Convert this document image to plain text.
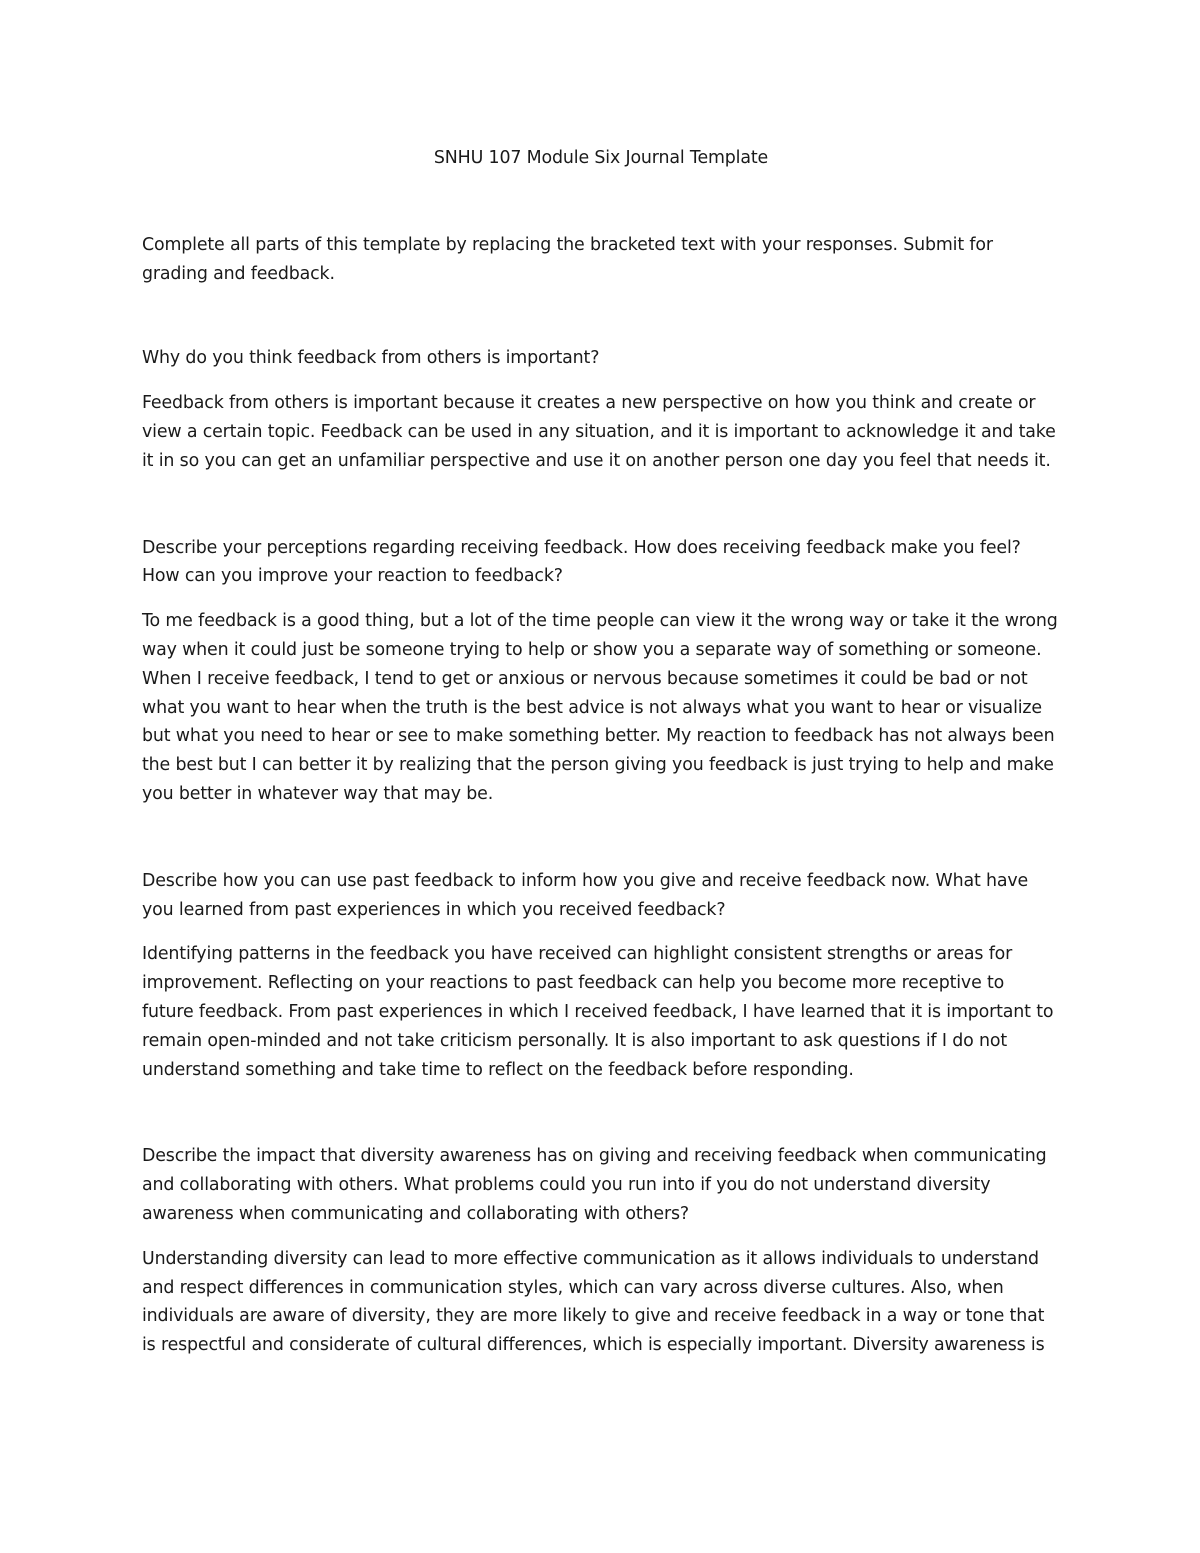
SNHU 107 Module Six Journal Template

Complete all parts of this template by replacing the bracketed text with your responses. Submit for grading and feedback.

Why do you think feedback from others is important?

Feedback from others is important because it creates a new perspective on how you think and create or view a certain topic. Feedback can be used in any situation, and it is important to acknowledge it and take it in so you can get an unfamiliar perspective and use it on another person one day you feel that needs it.

Describe your perceptions regarding receiving feedback. How does receiving feedback make you feel? How can you improve your reaction to feedback?

To me feedback is a good thing, but a lot of the time people can view it the wrong way or take it the wrong way when it could just be someone trying to help or show you a separate way of something or someone. When I receive feedback, I tend to get or anxious or nervous because sometimes it could be bad or not what you want to hear when the truth is the best advice is not always what you want to hear or visualize but what you need to hear or see to make something better. My reaction to feedback has not always been the best but I can better it by realizing that the person giving you feedback is just trying to help and make you better in whatever way that may be.

Describe how you can use past feedback to inform how you give and receive feedback now. What have you learned from past experiences in which you received feedback?

Identifying patterns in the feedback you have received can highlight consistent strengths or areas for improvement. Reflecting on your reactions to past feedback can help you become more receptive to future feedback. From past experiences in which I received feedback, I have learned that it is important to remain open-minded and not take criticism personally. It is also important to ask questions if I do not understand something and take time to reflect on the feedback before responding.

Describe the impact that diversity awareness has on giving and receiving feedback when communicating and collaborating with others. What problems could you run into if you do not understand diversity awareness when communicating and collaborating with others?

Understanding diversity can lead to more effective communication as it allows individuals to understand and respect differences in communication styles, which can vary across diverse cultures. Also, when individuals are aware of diversity, they are more likely to give and receive feedback in a way or tone that is respectful and considerate of cultural differences, which is especially important. Diversity awareness is
